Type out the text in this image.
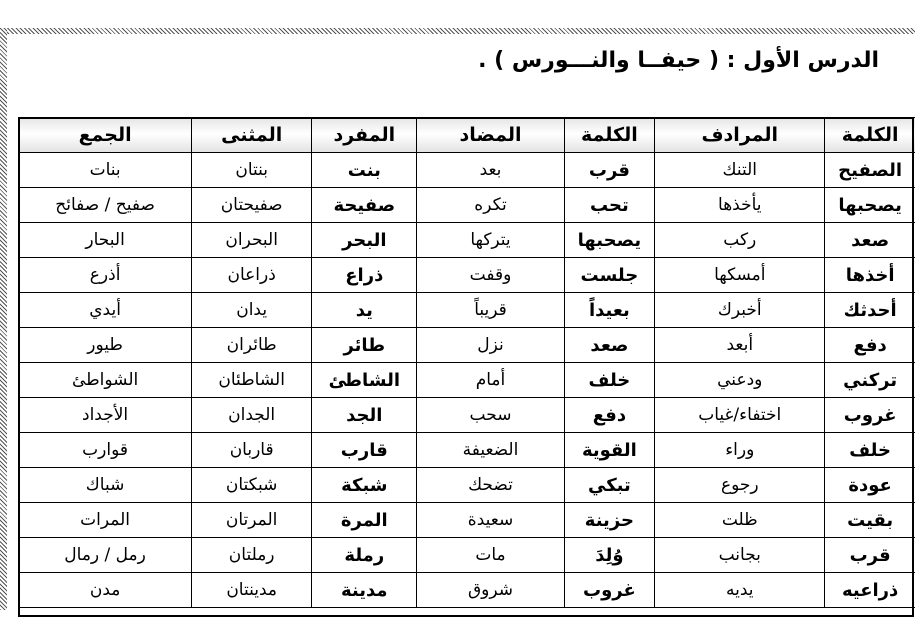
الدرس الأول : ( حيفــا والنـــورس ) .
الكلمة	المرادف	الكلمة	المضاد	المفرد	المثنى	الجمع
الصفيح	التنك	قرب	بعد	بنت	بنتان	بنات
يصحبها	يأخذها	تحب	تكره	صفيحة	صفيحتان	صفيح / صفائح
صعد	ركب	يصحبها	يتركها	البحر	البحران	البحار
أخذها	أمسكها	جلست	وقفت	ذراع	ذراعان	أذرع
أحدثك	أخبرك	بعيداً	قريباً	يد	يدان	أيدي
دفع	أبعد	صعد	نزل	طائر	طائران	طيور
تركني	ودعني	خلف	أمام	الشاطئ	الشاطئان	الشواطئ
غروب	اختفاء/غياب	دفع	سحب	الجد	الجدان	الأجداد
خلف	وراء	القوية	الضعيفة	قارب	قاربان	قوارب
عودة	رجوع	تبكي	تضحك	شبكة	شبكتان	شباك
بقيت	ظلت	حزينة	سعيدة	المرة	المرتان	المرات
قرب	بجانب	وُلِدَ	مات	رملة	رملتان	رمل / رمال
ذراعيه	يديه	غروب	شروق	مدينة	مدينتان	مدن
